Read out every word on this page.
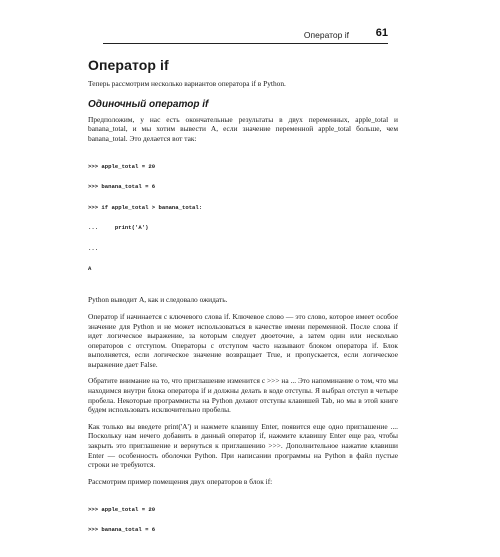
Оператор if 61
Оператор if

Теперь рассмотрим несколько вариантов оператора if в Python.

Одиночный оператор if

Предположим, у нас есть окончательные результаты в двух переменных, apple_total и banana_total, и мы хотим вывести A, если значение переменной apple_total больше, чем banana_total. Это делается вот так:

>>> apple_total = 20

>>> banana_total = 6

>>> if apple_total > banana_total:

...     print('A')

...

A

Python выводит A, как и следовало ожидать.

Оператор if начинается с ключевого слова if. Ключевое слово — это слово, которое имеет особое значение для Python и не может использоваться в качестве имени переменной. После слова if идет логическое выражение, за которым следует двоеточие, а затем один или несколько операторов с отступом. Операторы с отступом часто называют блоком оператора if. Блок выполняется, если логическое значение возвращает True, и пропускается, если логическое выражение дает False.

Обратите внимание на то, что приглашение изменится с >>> на ... Это напоминание о том, что мы находимся внутри блока оператора if и должны делать в коде отступы. Я выбрал отступ в четыре пробела. Некоторые программисты на Python делают отступы клавишей Tab, но мы в этой книге будем использовать исключительно пробелы.

Как только вы введете print('A') и нажмете клавишу Enter, появится еще одно приглашение .... Поскольку нам нечего добавить в данный оператор if, нажмите клавишу Enter еще раз, чтобы закрыть это приглашение и вернуться к приглашению >>>. Дополнительное нажатие клавиши Enter — особенность оболочки Python. При написании программы на Python в файл пустые строки не требуются.

Рассмотрим пример помещения двух операторов в блок if:

>>> apple_total = 20

>>> banana_total = 6
